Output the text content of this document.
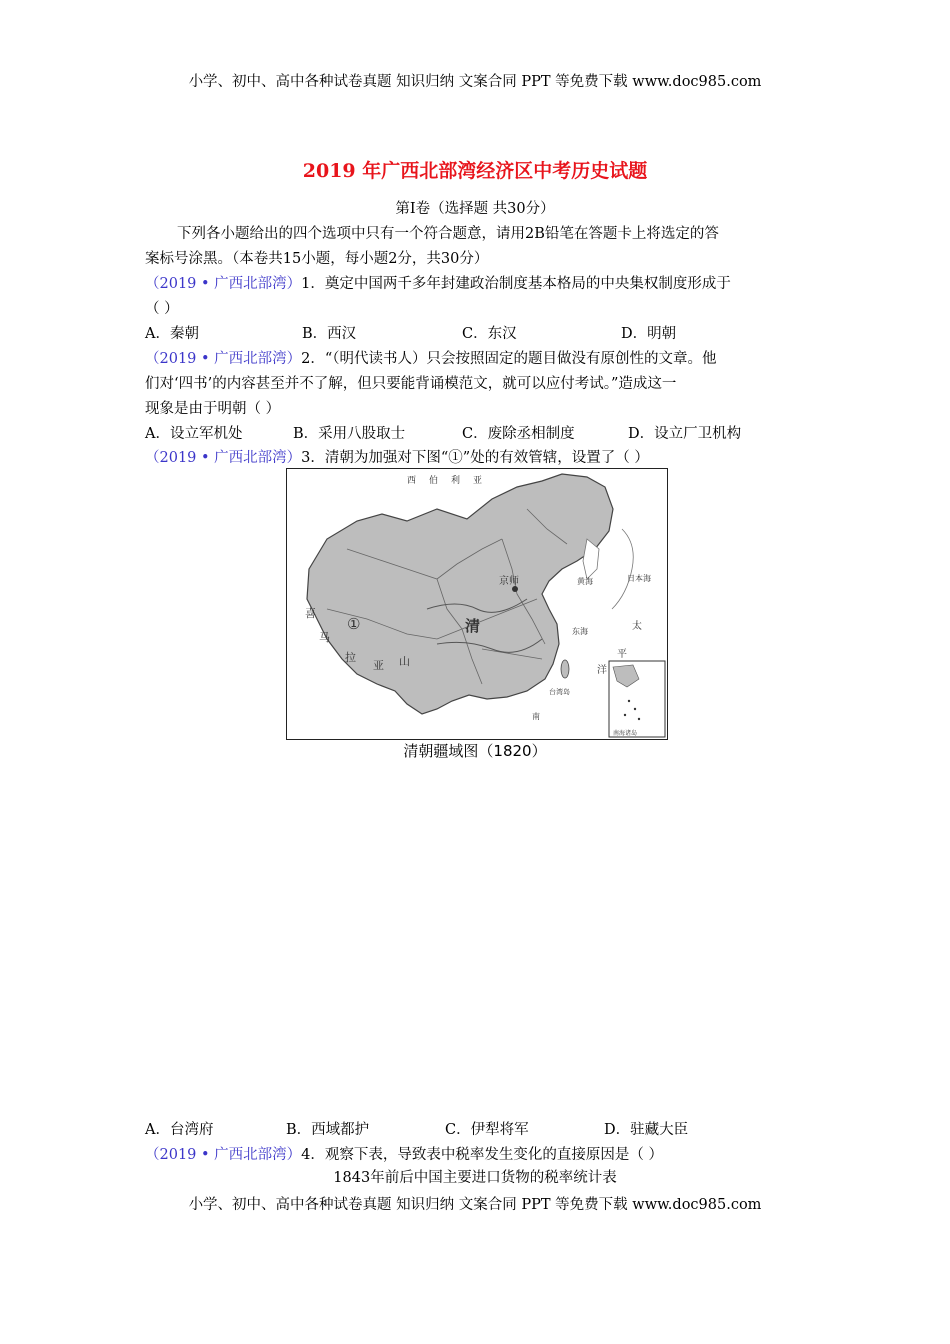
小学、初中、高中各种试卷真题 知识归纳 文案合同 PPT 等免费下载 www.doc985.com
2019 年广西北部湾经济区中考历史试题
第Ⅰ卷（选择题 共30分）
下列各小题给出的四个选项中只有一个符合题意，请用2B铅笔在答题卡上将选定的答
案标号涂黑。（本卷共15小题，每小题2分，共30分）
（2019 • 广西北部湾）1．奠定中国两千多年封建政治制度基本格局的中央集权制度形成于
（ ）
A．秦朝	B．西汉	C．东汉	D．明朝
（2019 • 广西北部湾）2．“（明代读书人）只会按照固定的题目做没有原创性的文章。他
们对‘四书’的内容甚至并不了解，但只要能背诵模范文，就可以应付考试。”造成这一
现象是由于明朝（ ）
A．设立军机处	B．采用八股取士	C．废除丞相制度	D．设立厂卫机构
（2019 • 广西北部湾）3．清朝为加强对下图“①”处的有效管辖，设置了（ ）
西 伯 利 亚
①	清
京师
喜
马
拉
亚 山
黄海	日本海
太
平
洋
东海
南
台湾岛
南海诸岛
清朝疆域图（1820）
A．台湾府	B．西域都护	C．伊犁将军	D．驻藏大臣
（2019 • 广西北部湾）4．观察下表，导致表中税率发生变化的直接原因是（ ）
1843年前后中国主要进口货物的税率统计表
小学、初中、高中各种试卷真题 知识归纳 文案合同 PPT 等免费下载 www.doc985.com
